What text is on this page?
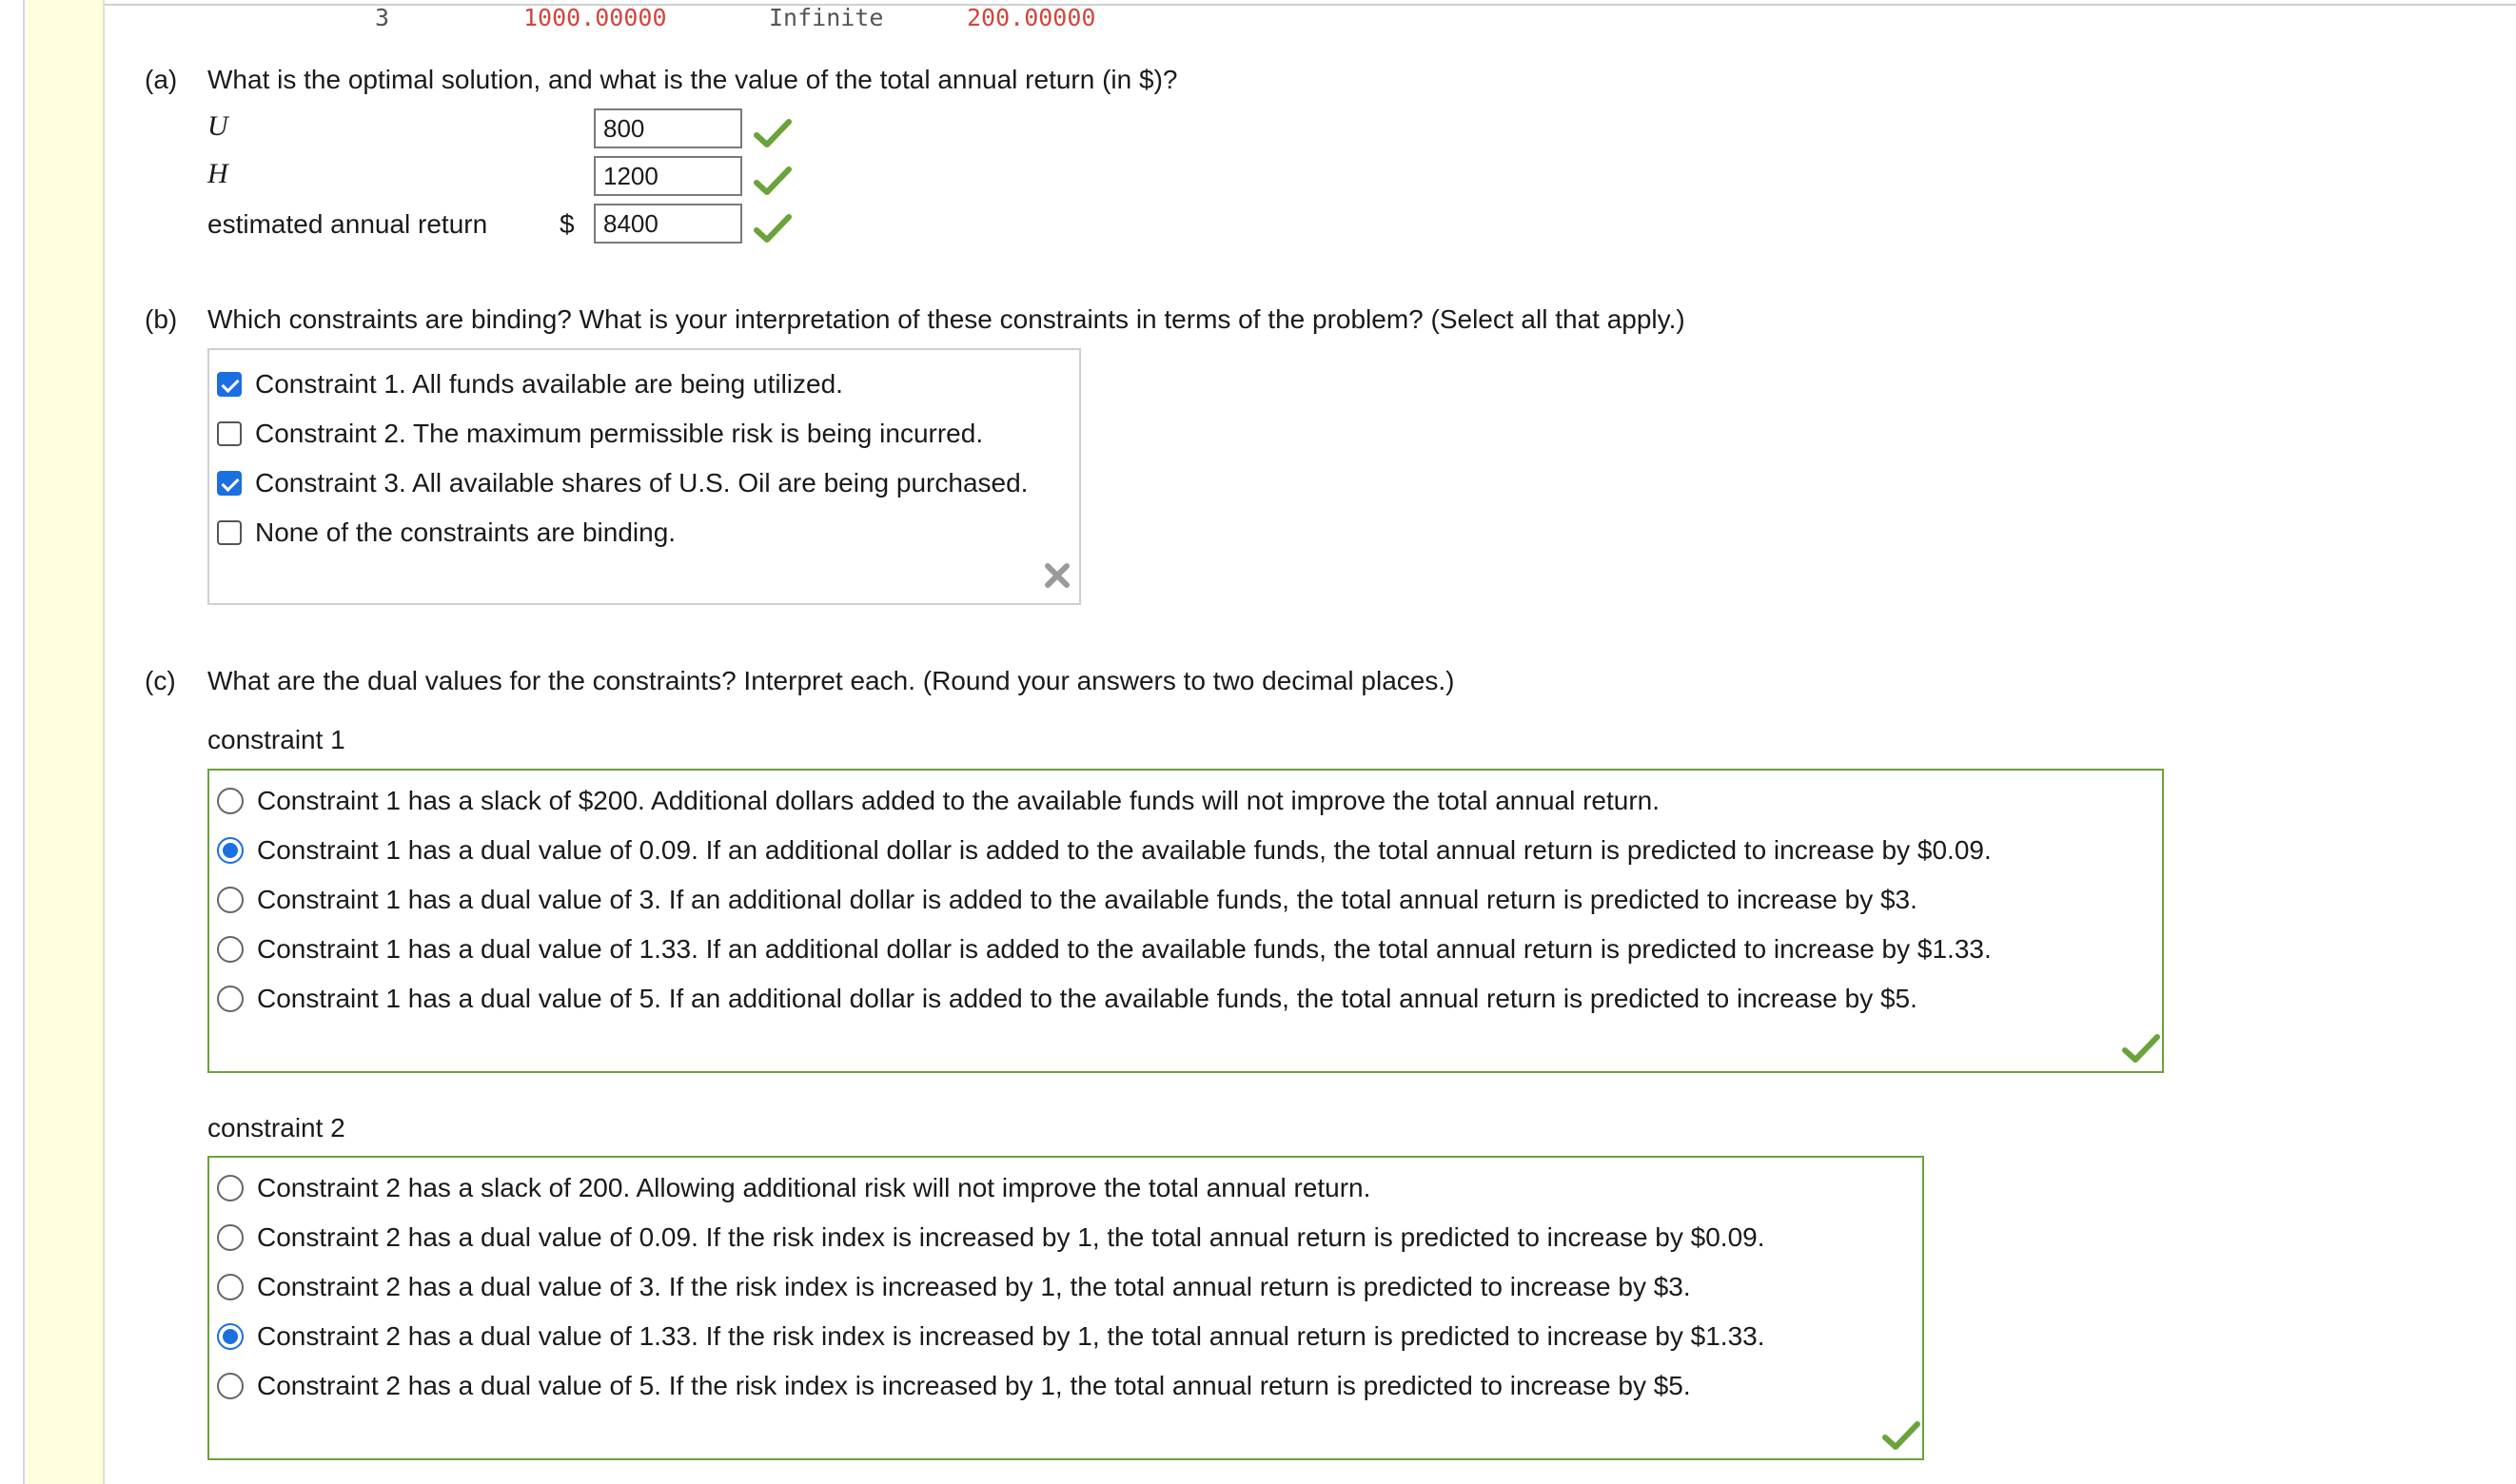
3	1000.00000	Infinite	200.00000
(a) What is the optimal solution, and what is the value of the total annual return (in $)?
U
800
H
1200
estimated annual return	$
8400
(b) Which constraints are binding? What is your interpretation of these constraints in terms of the problem? (Select all that apply.)
Constraint 1. All funds available are being utilized.
Constraint 2. The maximum permissible risk is being incurred.
Constraint 3. All available shares of U.S. Oil are being purchased.
None of the constraints are binding.
(c) What are the dual values for the constraints? Interpret each. (Round your answers to two decimal places.)
constraint 1
Constraint 1 has a slack of $200. Additional dollars added to the available funds will not improve the total annual return.
Constraint 1 has a dual value of 0.09. If an additional dollar is added to the available funds, the total annual return is predicted to increase by $0.09.
Constraint 1 has a dual value of 3. If an additional dollar is added to the available funds, the total annual return is predicted to increase by $3.
Constraint 1 has a dual value of 1.33. If an additional dollar is added to the available funds, the total annual return is predicted to increase by $1.33.
Constraint 1 has a dual value of 5. If an additional dollar is added to the available funds, the total annual return is predicted to increase by $5.
constraint 2
Constraint 2 has a slack of 200. Allowing additional risk will not improve the total annual return.
Constraint 2 has a dual value of 0.09. If the risk index is increased by 1, the total annual return is predicted to increase by $0.09.
Constraint 2 has a dual value of 3. If the risk index is increased by 1, the total annual return is predicted to increase by $3.
Constraint 2 has a dual value of 1.33. If the risk index is increased by 1, the total annual return is predicted to increase by $1.33.
Constraint 2 has a dual value of 5. If the risk index is increased by 1, the total annual return is predicted to increase by $5.
